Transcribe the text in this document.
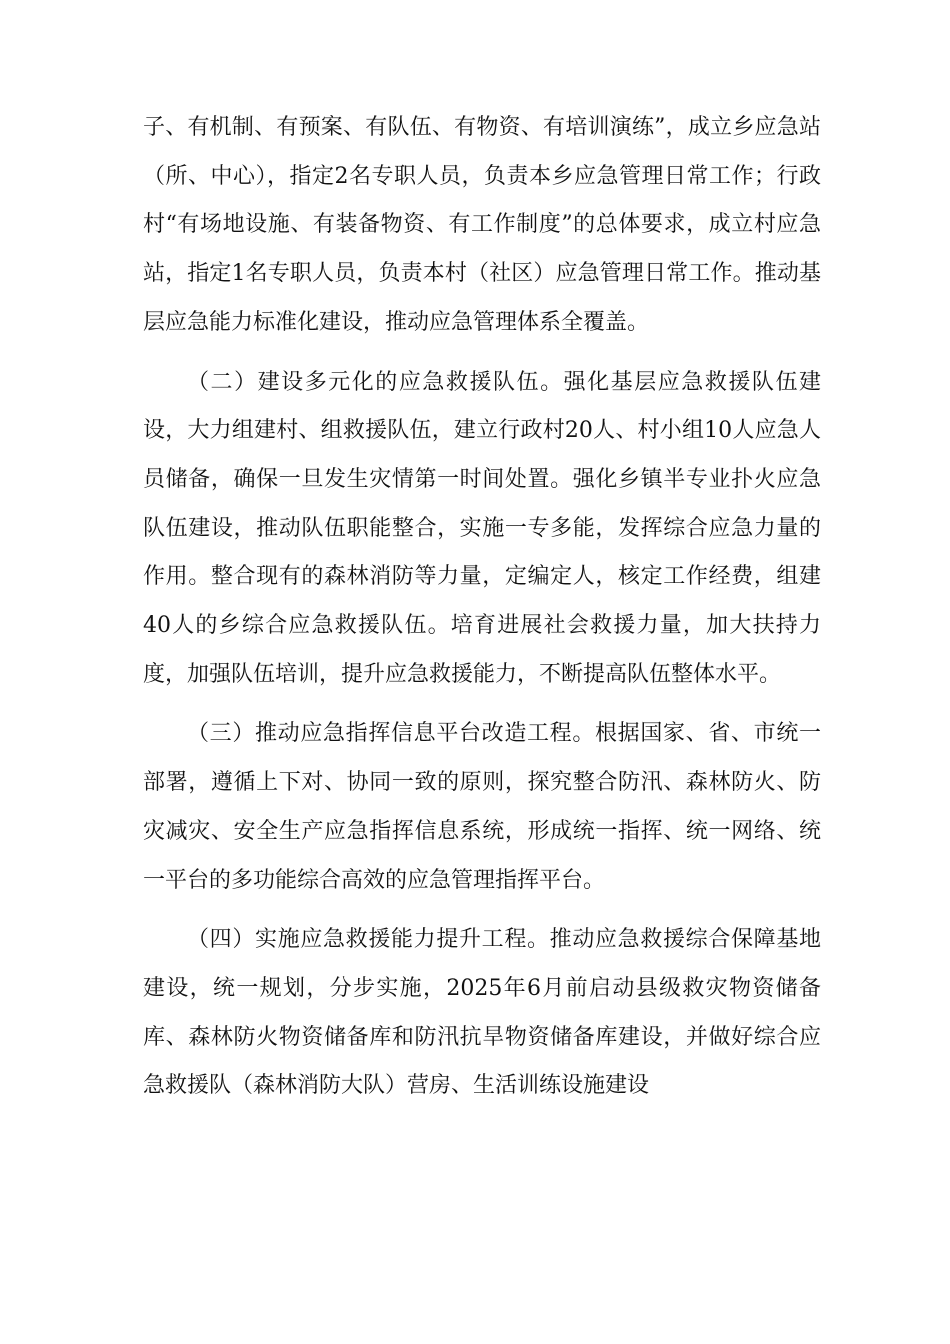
子、有机制、有预案、有队伍、有物资、有培训演练”，成立乡应急站（所、中心），指定2名专职人员，负责本乡应急管理日常工作；行政村“有场地设施、有装备物资、有工作制度”的总体要求，成立村应急站，指定1名专职人员，负责本村（社区）应急管理日常工作。推动基层应急能力标准化建设，推动应急管理体系全覆盖。

（二）建设多元化的应急救援队伍。强化基层应急救援队伍建设，大力组建村、组救援队伍，建立行政村20人、村小组10人应急人员储备，确保一旦发生灾情第一时间处置。强化乡镇半专业扑火应急队伍建设，推动队伍职能整合，实施一专多能，发挥综合应急力量的作用。整合现有的森林消防等力量，定编定人，核定工作经费，组建40人的乡综合应急救援队伍。培育进展社会救援力量，加大扶持力度，加强队伍培训，提升应急救援能力，不断提高队伍整体水平。

（三）推动应急指挥信息平台改造工程。根据国家、省、市统一部署，遵循上下对、协同一致的原则，探究整合防汛、森林防火、防灾减灾、安全生产应急指挥信息系统，形成统一指挥、统一网络、统一平台的多功能综合高效的应急管理指挥平台。

（四）实施应急救援能力提升工程。推动应急救援综合保障基地建设，统一规划，分步实施，2025年6月前启动县级救灾物资储备库、森林防火物资储备库和防汛抗旱物资储备库建设，并做好综合应急救援队（森林消防大队）营房、生活训练设施建设
